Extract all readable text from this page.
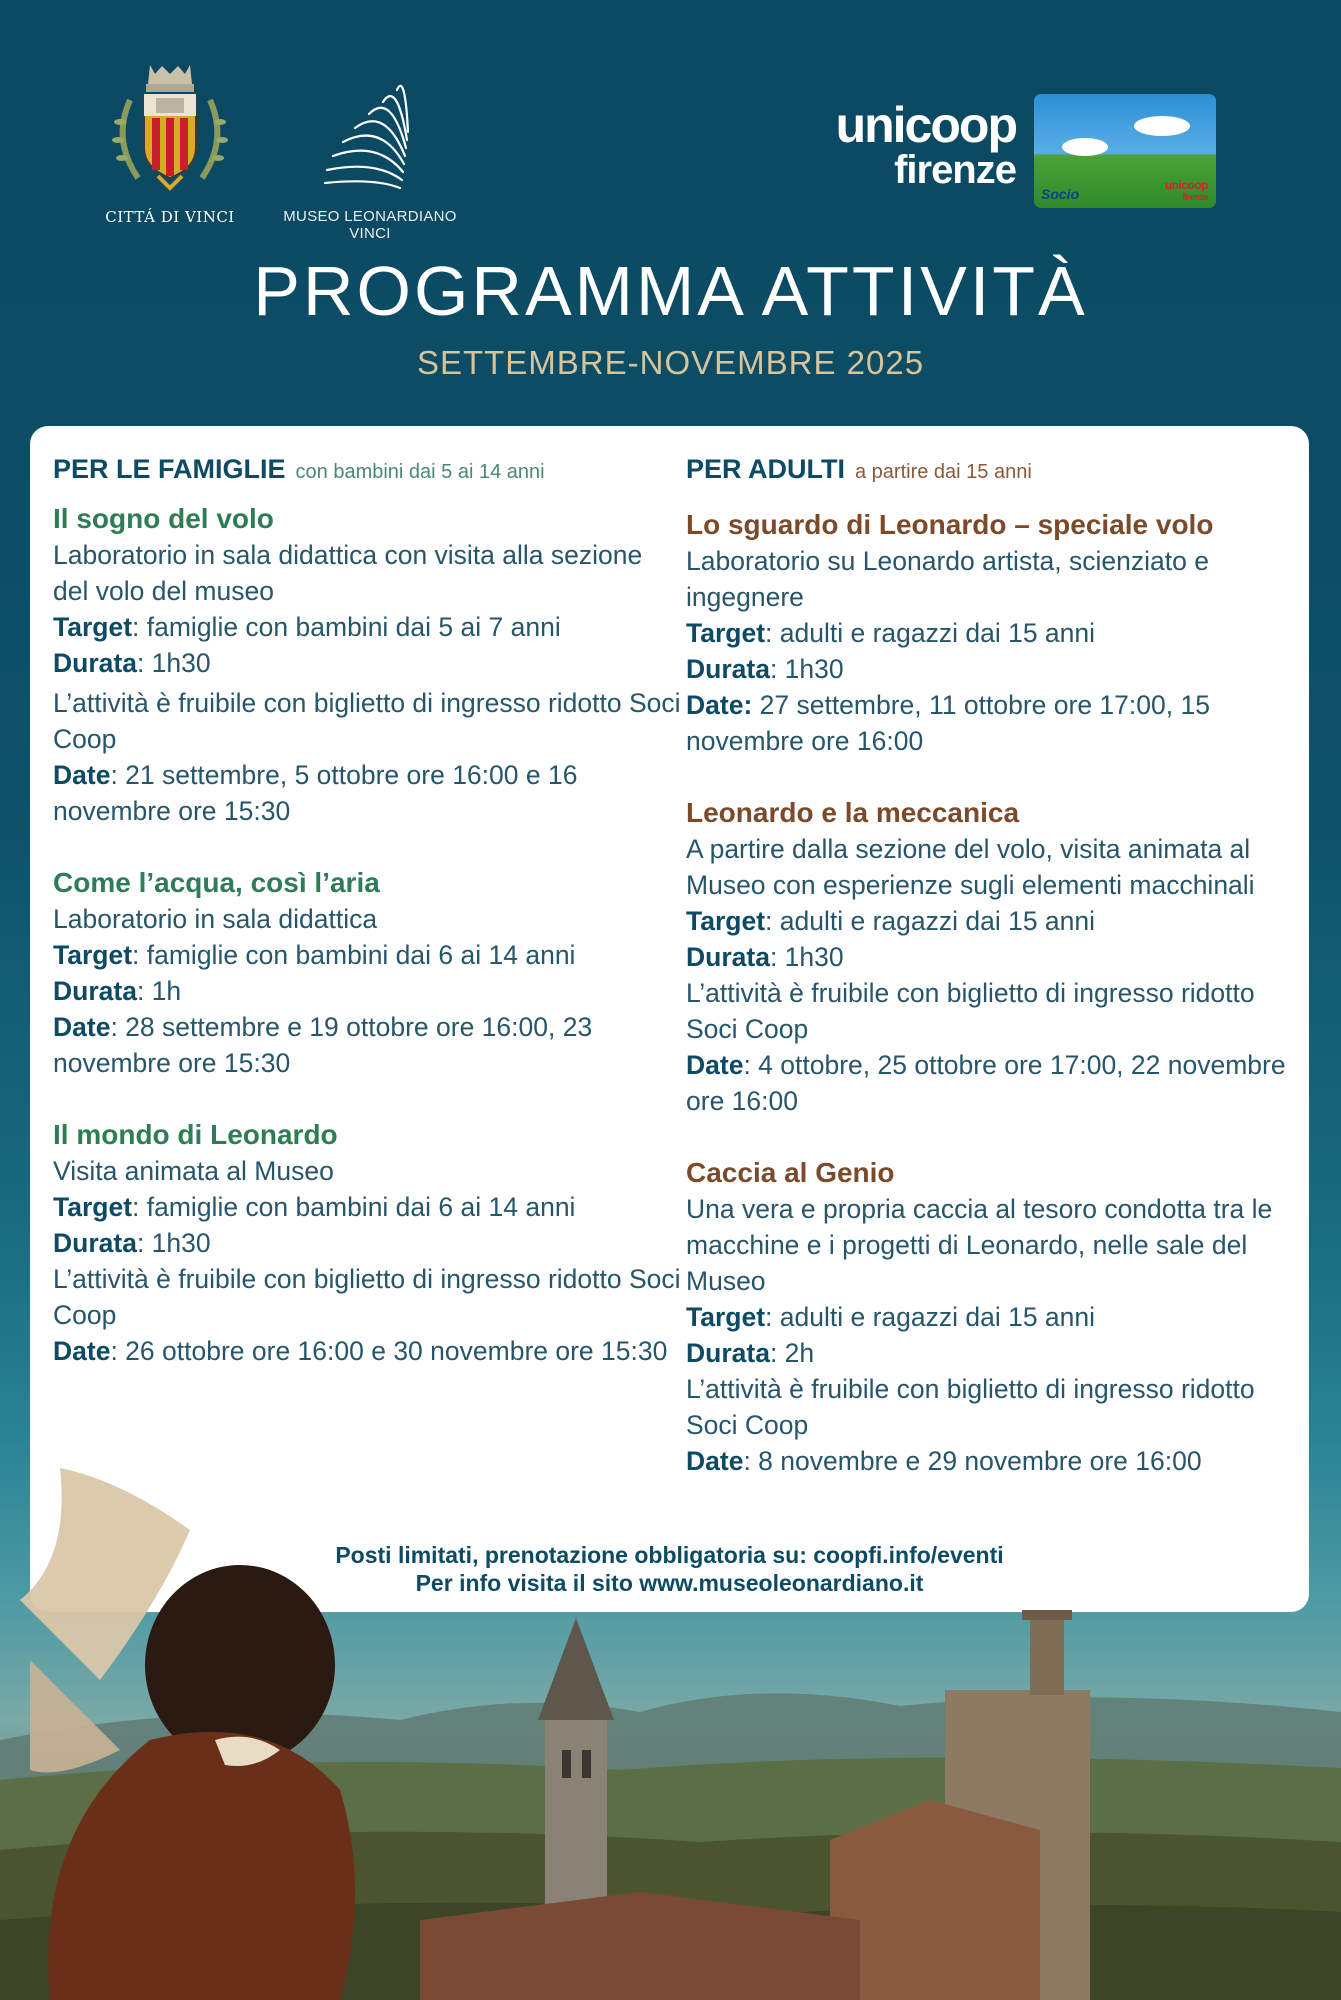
CITTÁ DI VINCI	MUSEO LEONARDIANO VINCI
unicoop
firenze
Socio
unicoop
firenze
PROGRAMMA ATTIVITÀ
SETTEMBRE-NOVEMBRE 2025
PER LE FAMIGLIE con bambini dai 5 ai 14 anni
Il sogno del volo
Laboratorio in sala didattica con visita alla sezione del volo del museo
Target: famiglie con bambini dai 5 ai 7 anni
Durata: 1h30
L’attività è fruibile con biglietto di ingresso ridotto Soci Coop
Date: 21 settembre, 5 ottobre ore 16:00 e 16 novembre ore 15:30
Come l’acqua, così l’aria
Laboratorio in sala didattica
Target: famiglie con bambini dai 6 ai 14 anni
Durata: 1h
Date: 28 settembre e 19 ottobre ore 16:00, 23 novembre ore 15:30
Il mondo di Leonardo
Visita animata al Museo
Target: famiglie con bambini dai 6 ai 14 anni
Durata: 1h30
L’attività è fruibile con biglietto di ingresso ridotto Soci Coop
Date: 26 ottobre ore 16:00 e 30 novembre ore 15:30
PER ADULTI a partire dai 15 anni
Lo sguardo di Leonardo – speciale volo
Laboratorio su Leonardo artista, scienziato e ingegnere
Target: adulti e ragazzi dai 15 anni
Durata: 1h30
Date: 27 settembre, 11 ottobre ore 17:00, 15 novembre ore 16:00
Leonardo e la meccanica
A partire dalla sezione del volo, visita animata al Museo con esperienze sugli elementi macchinali
Target: adulti e ragazzi dai 15 anni
Durata: 1h30
L’attività è fruibile con biglietto di ingresso ridotto Soci Coop
Date: 4 ottobre, 25 ottobre ore 17:00, 22 novembre ore 16:00
Caccia al Genio
Una vera e propria caccia al tesoro condotta tra le macchine e i progetti di Leonardo, nelle sale del Museo
Target: adulti e ragazzi dai 15 anni
Durata: 2h
L’attività è fruibile con biglietto di ingresso ridotto Soci Coop
Date: 8 novembre e 29 novembre ore 16:00
Posti limitati, prenotazione obbligatoria su: coopfi.info/eventi
Per info visita il sito www.museoleonardiano.it
